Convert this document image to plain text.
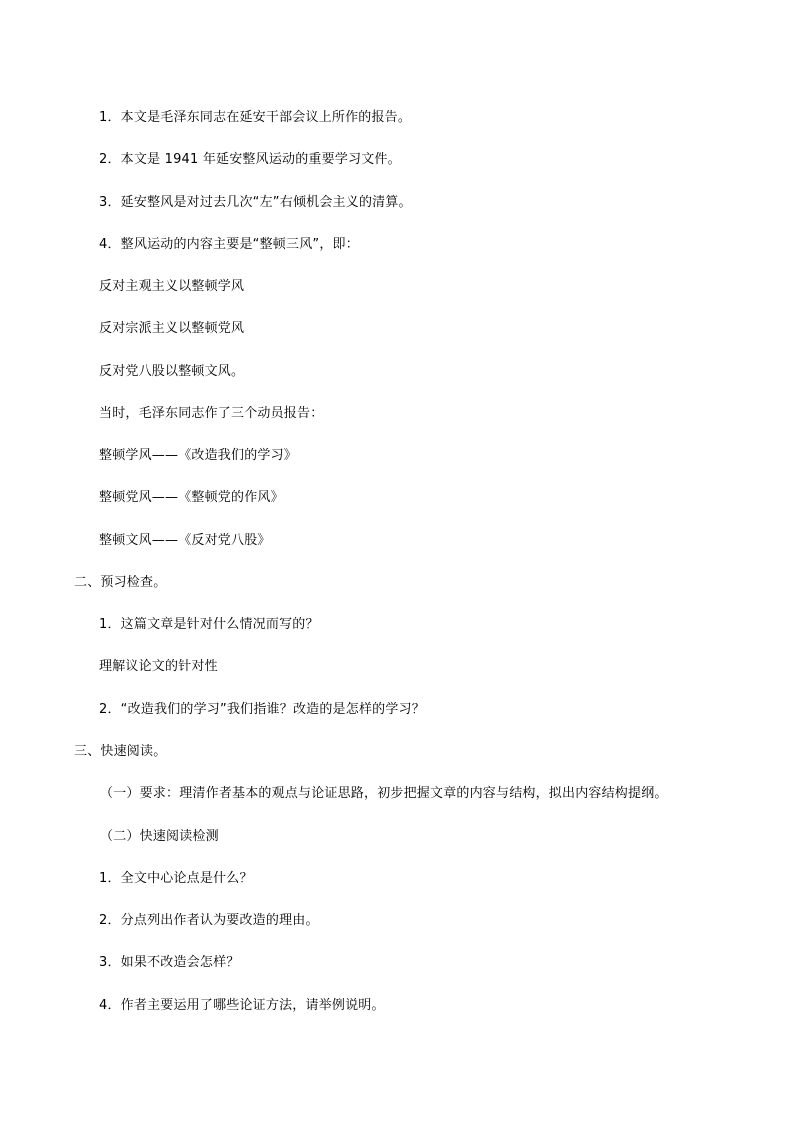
1．本文是毛泽东同志在延安干部会议上所作的报告。
2．本文是 1941 年延安整风运动的重要学习文件。
3．延安整风是对过去几次“左”右倾机会主义的清算。
4．整风运动的内容主要是“整顿三风”，即：
反对主观主义以整顿学风
反对宗派主义以整顿党风
反对党八股以整顿文风。
当时，毛泽东同志作了三个动员报告：
整顿学风——《改造我们的学习》
整顿党风——《整顿党的作风》
整顿文风——《反对党八股》
二、预习检查。
1．这篇文章是针对什么情况而写的？
理解议论文的针对性
2．“改造我们的学习”我们指谁？改造的是怎样的学习？
三、快速阅读。
（一）要求：理清作者基本的观点与论证思路，初步把握文章的内容与结构，拟出内容结构提纲。
（二）快速阅读检测
1．全文中心论点是什么？
2．分点列出作者认为要改造的理由。
3．如果不改造会怎样？
4．作者主要运用了哪些论证方法，请举例说明。
